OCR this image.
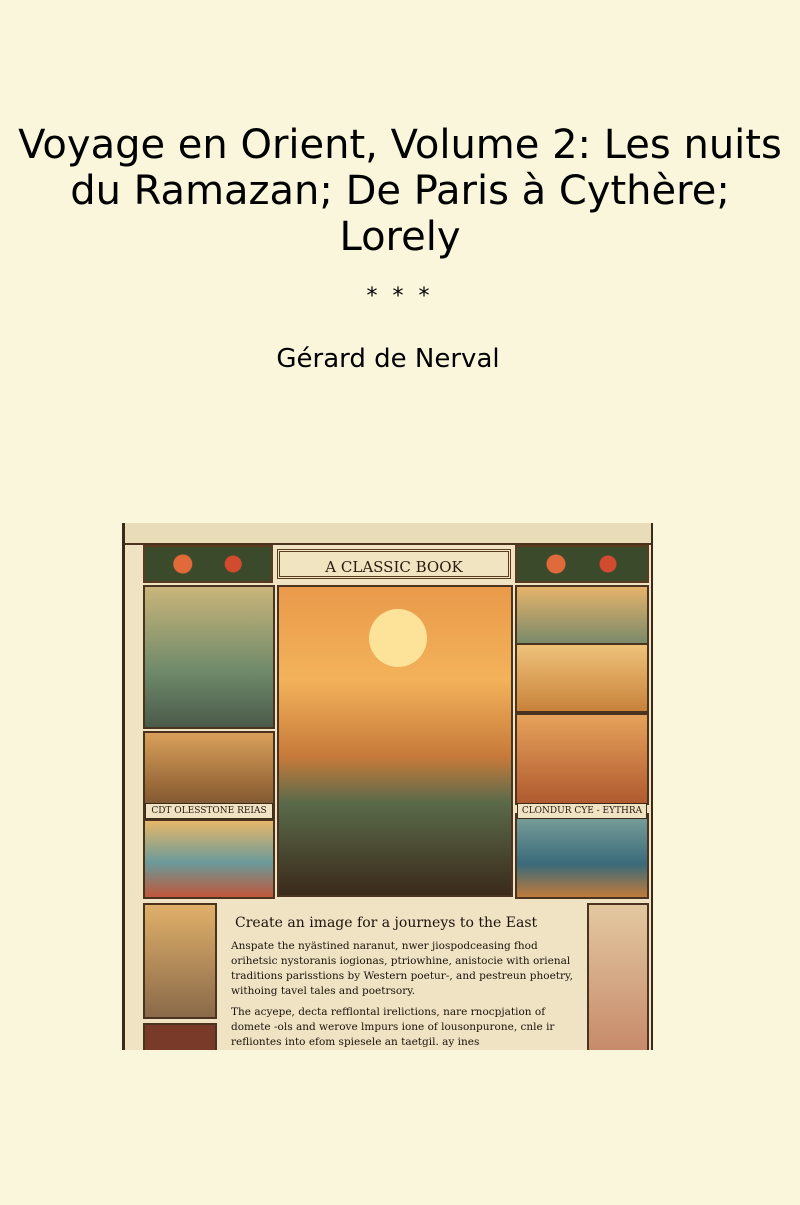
Voyage en Orient, Volume 2: Les nuits du Ramazan; De Paris à Cythère; Lorely
* * *
Gérard de Nerval
A CLASSIC BOOK
CDT OLESSTONE REIAS	CLONDUR CYE - EYTHRA
Create an image for a journeys to the East

Anspate the nyästined naranut, nwer jiospodceasing fhod orihetsic nystoranis iogionas, ptriowhine, anistocie with orienal traditions parisstions by Western poetur-, and pestreun phoetry, withoing tavel tales and poetrsory.

The acyepe, decta refflontal irelictions, nare rnocpjation of domete -ols and werove lmpurs ione of lousonpurone, cnle ir refliontes into efom spiesele an taetgil. ay ines
